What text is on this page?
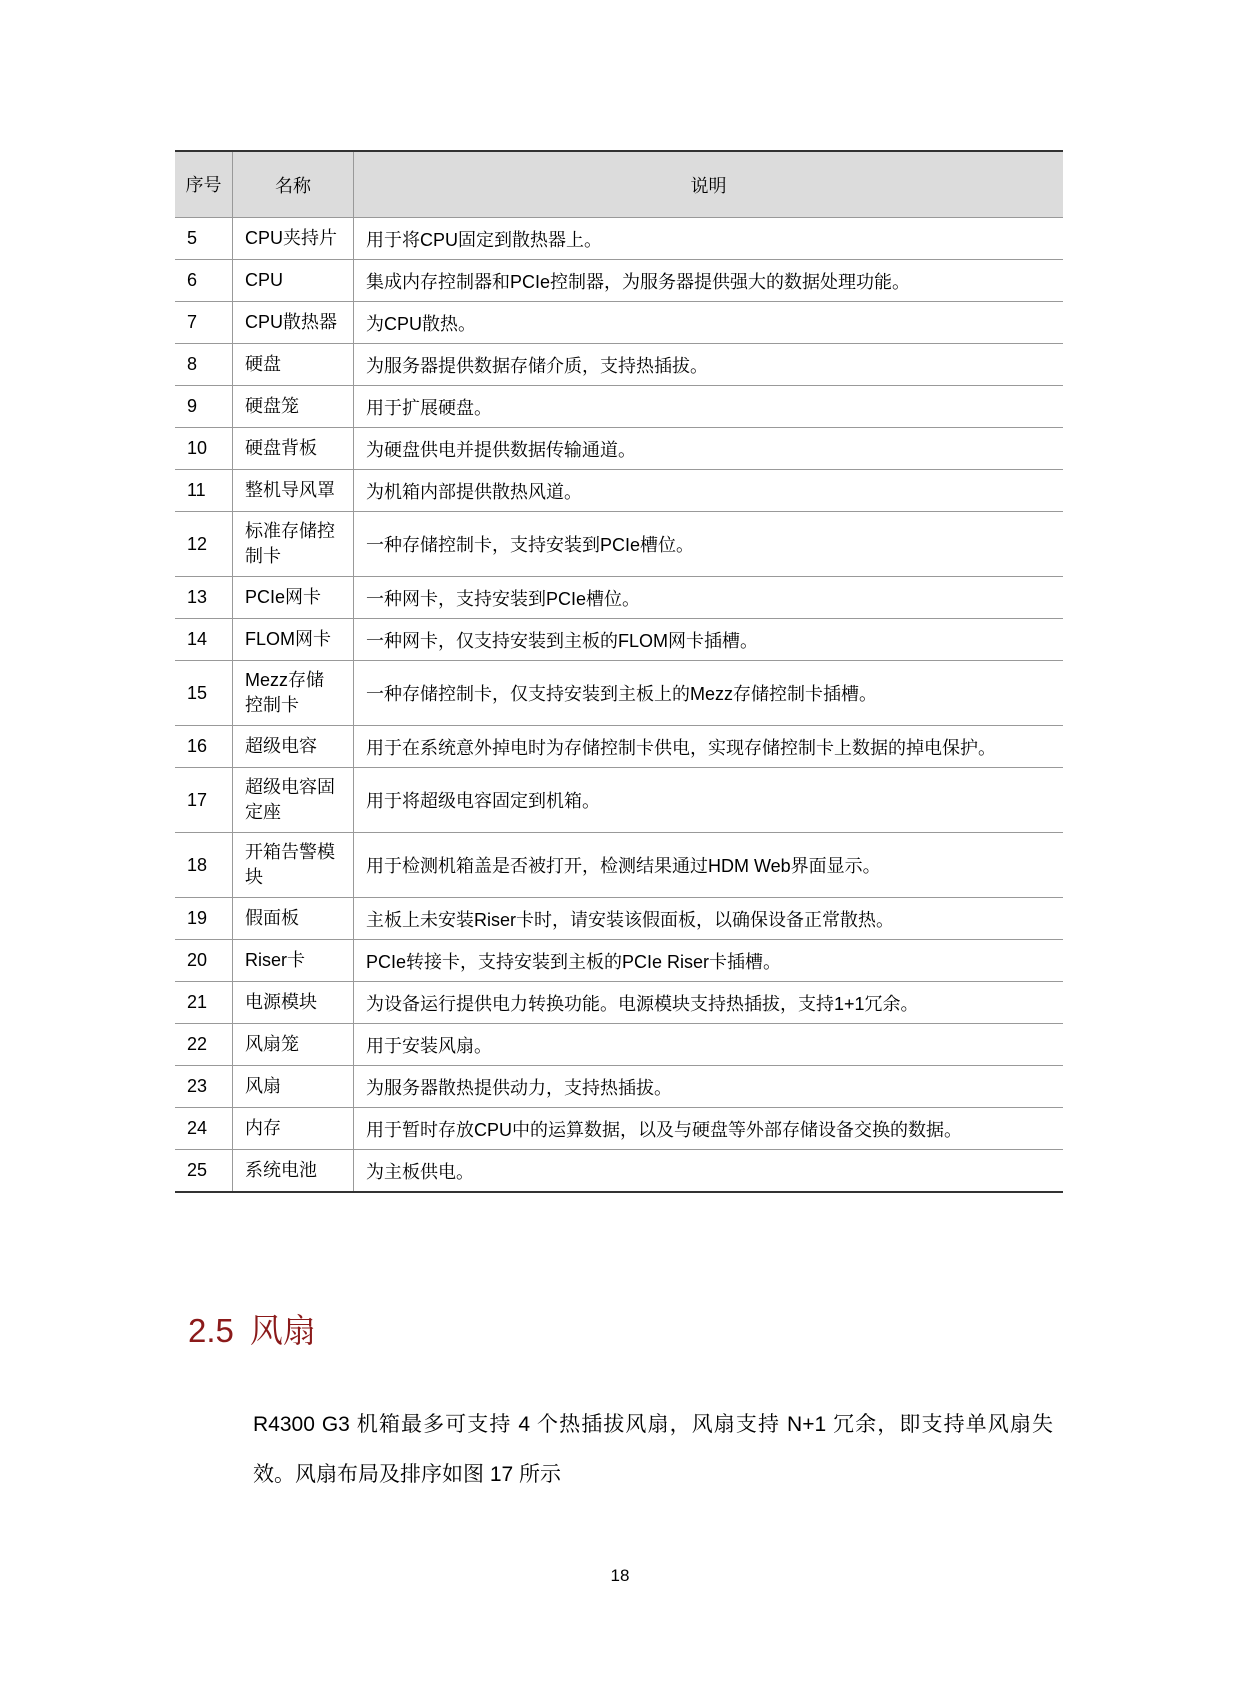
序号	名称	说明
5	CPU夹持片	用于将CPU固定到散热器上。
6	CPU	集成内存控制器和PCIe控制器，为服务器提供强大的数据处理功能。
7	CPU散热器	为CPU散热。
8	硬盘	为服务器提供数据存储介质，支持热插拔。
9	硬盘笼	用于扩展硬盘。
10	硬盘背板	为硬盘供电并提供数据传输通道。
11	整机导风罩	为机箱内部提供散热风道。
12	标准存储控制卡	一种存储控制卡，支持安装到PCIe槽位。
13	PCIe网卡	一种网卡，支持安装到PCIe槽位。
14	FLOM网卡	一种网卡，仅支持安装到主板的FLOM网卡插槽。
15	Mezz存储控制卡	一种存储控制卡，仅支持安装到主板上的Mezz存储控制卡插槽。
16	超级电容	用于在系统意外掉电时为存储控制卡供电，实现存储控制卡上数据的掉电保护。
17	超级电容固定座	用于将超级电容固定到机箱。
18	开箱告警模块	用于检测机箱盖是否被打开，检测结果通过HDM Web界面显示。
19	假面板	主板上未安装Riser卡时，请安装该假面板，以确保设备正常散热。
20	Riser卡	PCIe转接卡，支持安装到主板的PCIe Riser卡插槽。
21	电源模块	为设备运行提供电力转换功能。电源模块支持热插拔，支持1+1冗余。
22	风扇笼	用于安装风扇。
23	风扇	为服务器散热提供动力，支持热插拔。
24	内存	用于暂时存放CPU中的运算数据，以及与硬盘等外部存储设备交换的数据。
25	系统电池	为主板供电。
2.5 风扇

R4300 G3 机箱最多可支持 4 个热插拔风扇，风扇支持 N+1 冗余，即支持单风扇失效。风扇布局及排序如图 17 所示

18
